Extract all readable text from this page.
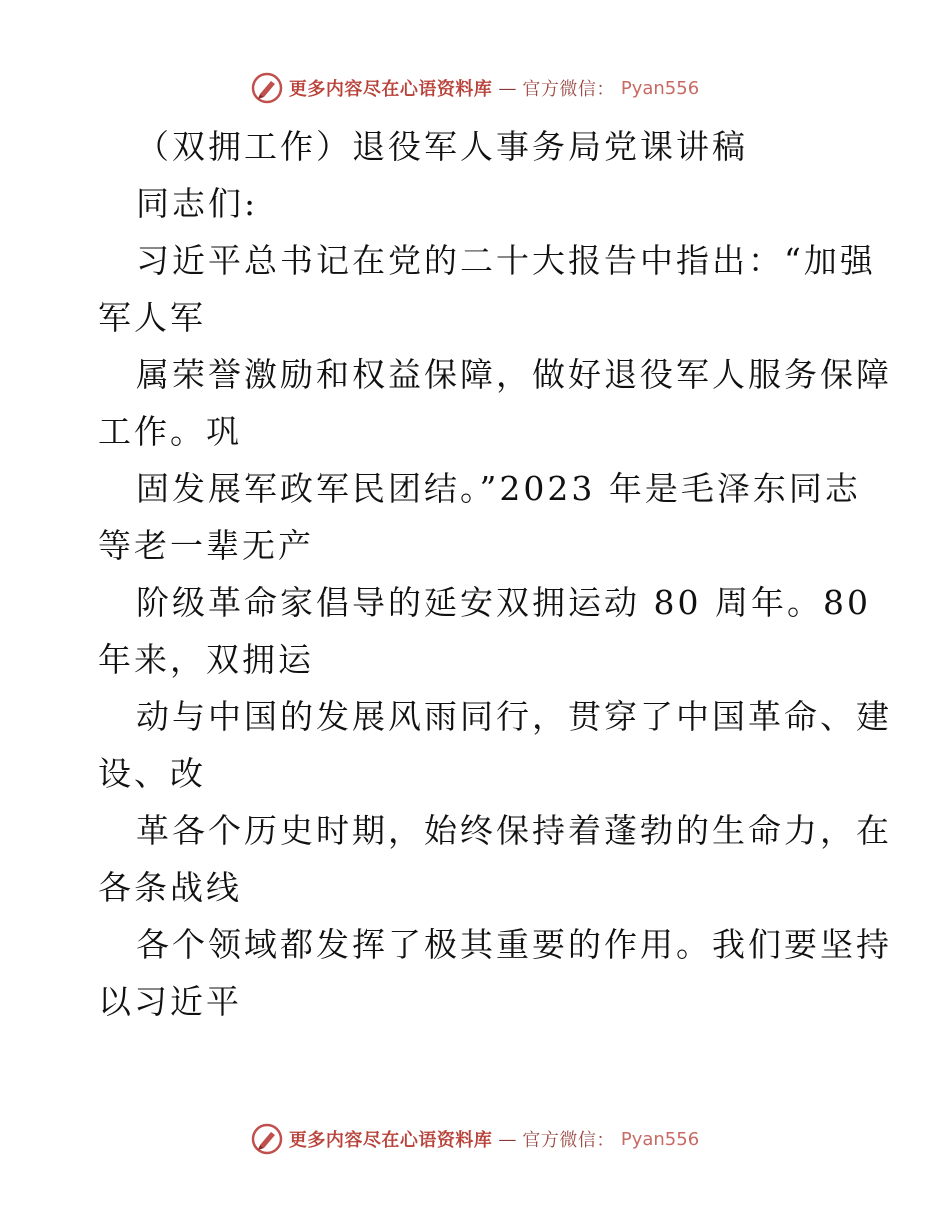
更多内容尽在心语资料库 — 官方微信： Pyan556
（双拥工作）退役军人事务局党课讲稿
同志们:
习近平总书记在党的二十大报告中指出：“加强
军人军
属荣誉激励和权益保障，做好退役军人服务保障
工作。巩
固发展军政军民团结。”2023 年是毛泽东同志
等老一辈无产
阶级革命家倡导的延安双拥运动 80 周年。80
年来，双拥运
动与中国的发展风雨同行，贯穿了中国革命、建
设、改
革各个历史时期，始终保持着蓬勃的生命力，在
各条战线
各个领域都发挥了极其重要的作用。我们要坚持
以习近平
更多内容尽在心语资料库 — 官方微信： Pyan556
